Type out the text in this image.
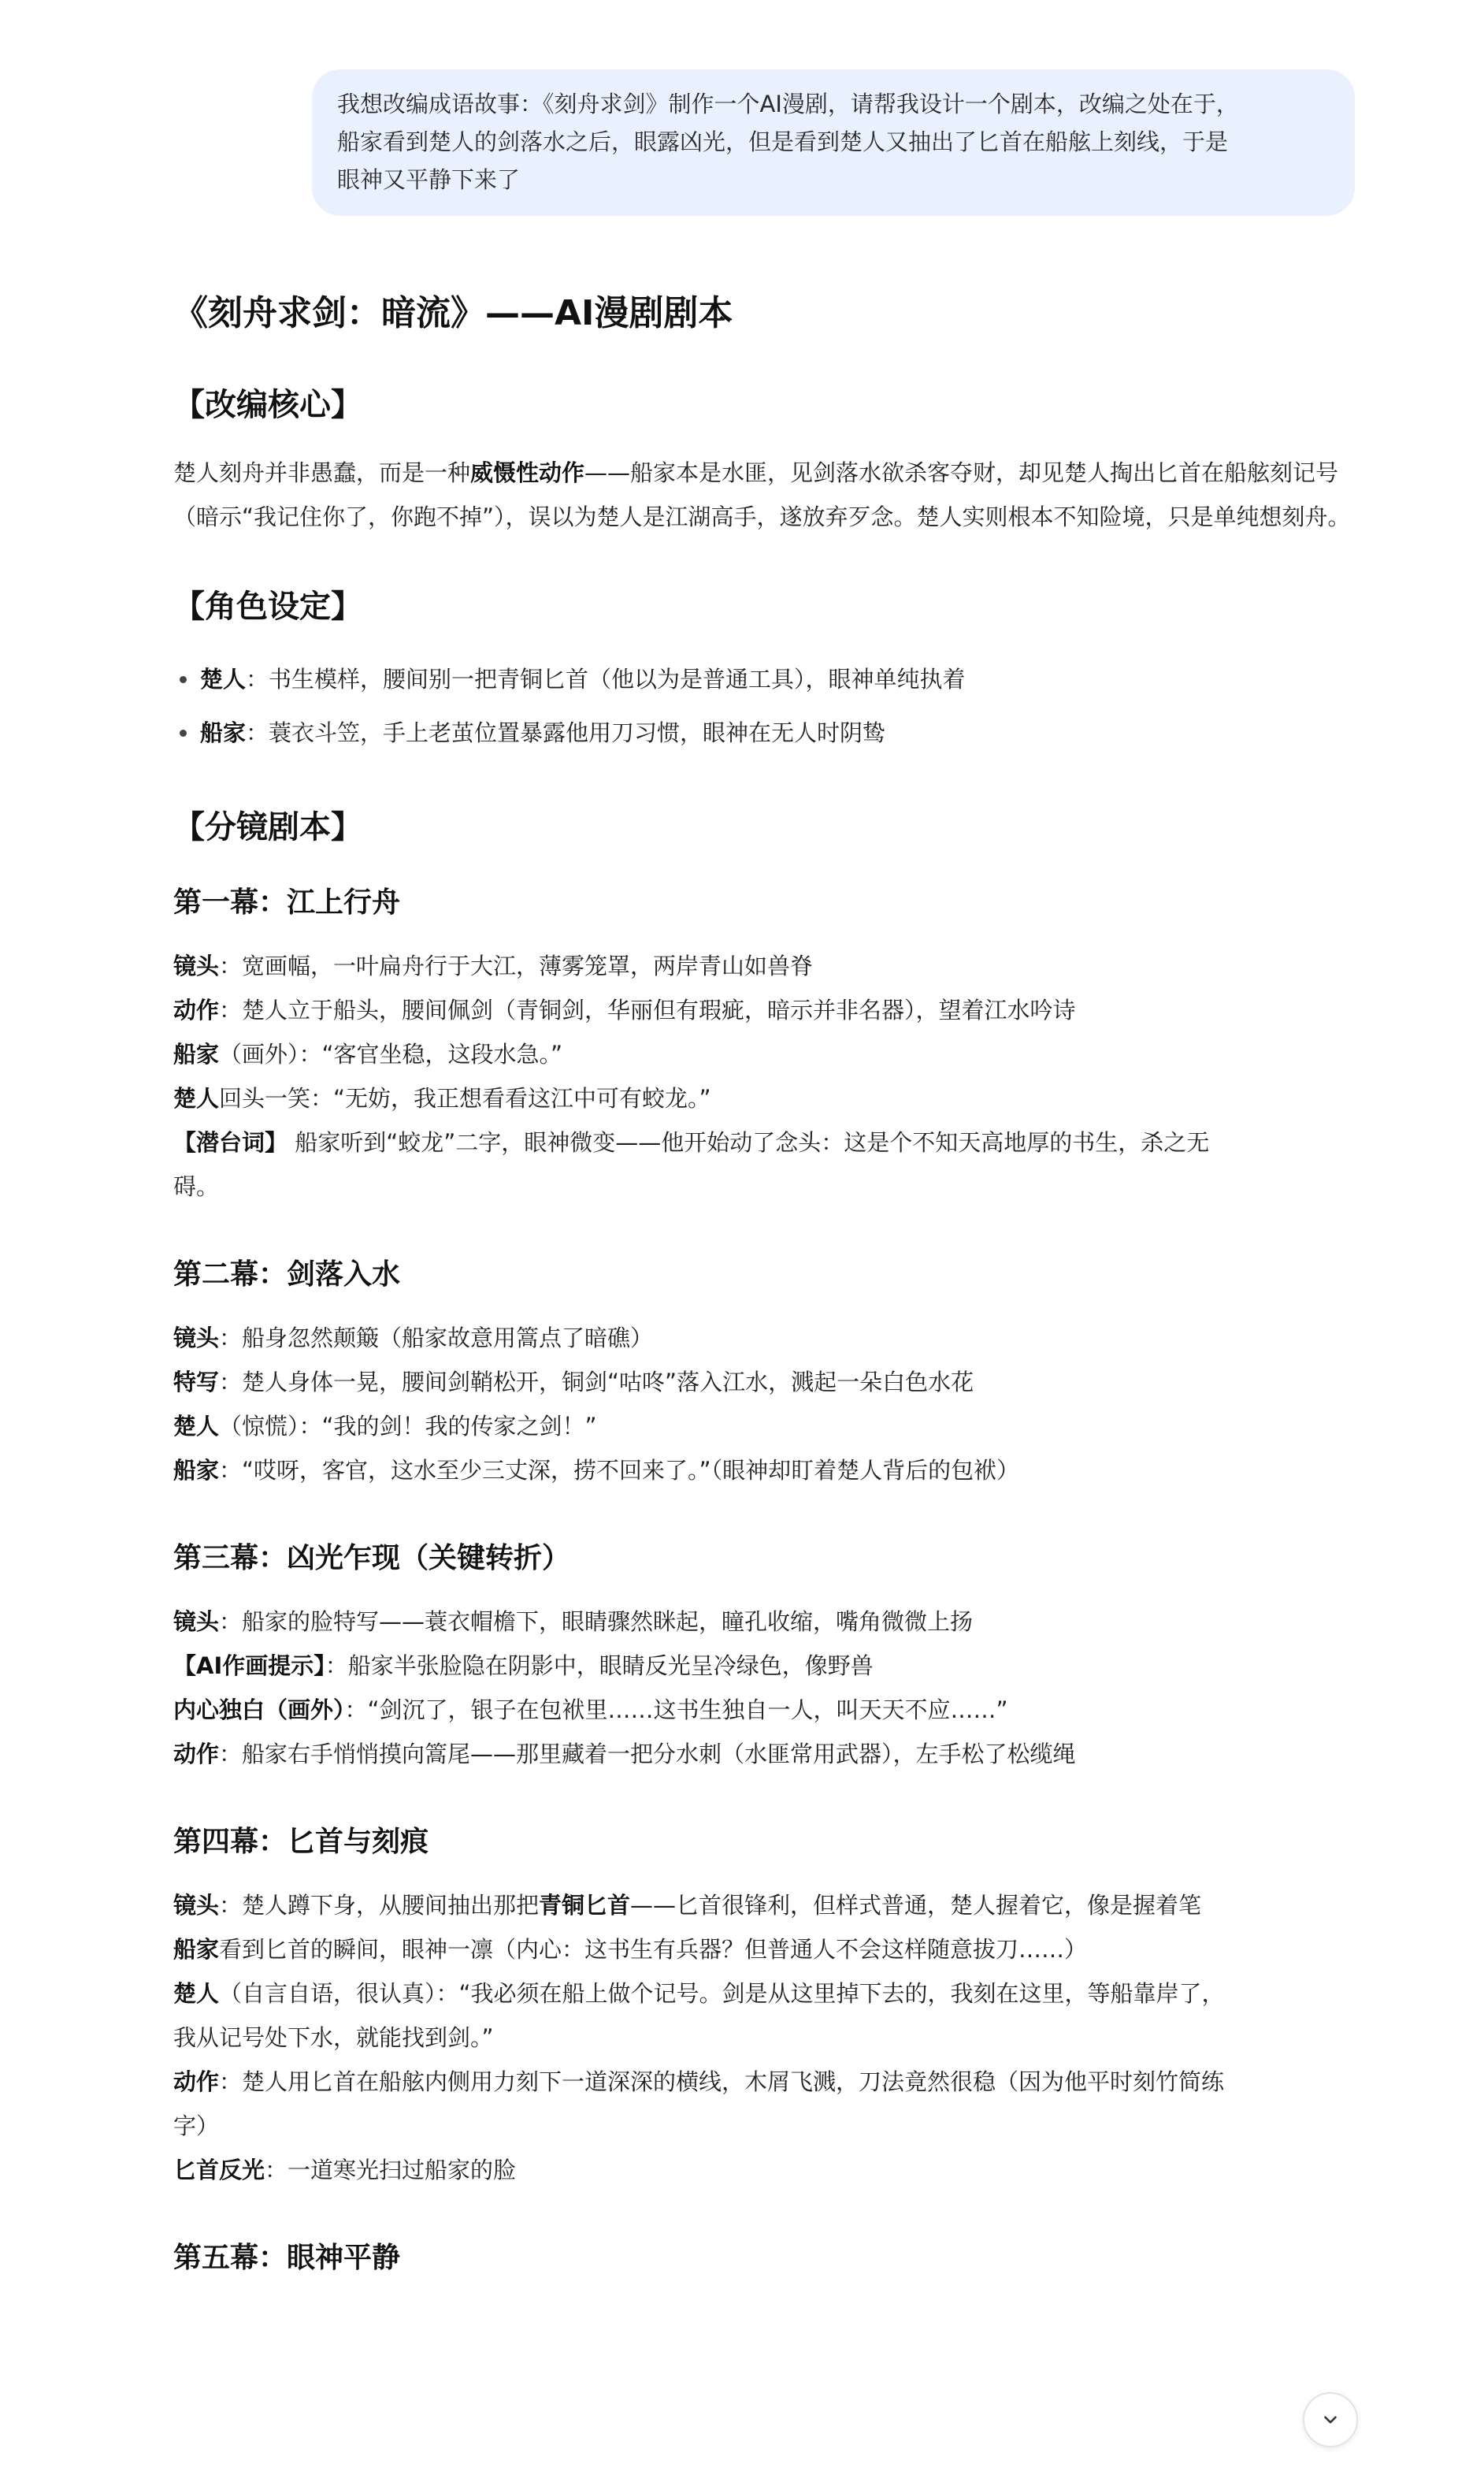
我想改编成语故事：《刻舟求剑》制作一个AI漫剧，请帮我设计一个剧本，改编之处在于，
船家看到楚人的剑落水之后，眼露凶光，但是看到楚人又抽出了匕首在船舷上刻线，于是
眼神又平静下来了
《刻舟求剑：暗流》——AI漫剧剧本
【改编核心】
楚人刻舟并非愚蠢，而是一种威慑性动作——船家本是水匪，见剑落水欲杀客夺财，却见楚人掏出匕首在船舷刻记号（暗示“我记住你了，你跑不掉”），误以为楚人是江湖高手，遂放弃歹念。楚人实则根本不知险境，只是单纯想刻舟。
【角色设定】
楚人：书生模样，腰间别一把青铜匕首（他以为是普通工具），眼神单纯执着
船家：蓑衣斗笠，手上老茧位置暴露他用刀习惯，眼神在无人时阴鸷
【分镜剧本】
第一幕：江上行舟
镜头：宽画幅，一叶扁舟行于大江，薄雾笼罩，两岸青山如兽脊
动作：楚人立于船头，腰间佩剑（青铜剑，华丽但有瑕疵，暗示并非名器），望着江水吟诗
船家（画外）：“客官坐稳，这段水急。”
楚人回头一笑：“无妨，我正想看看这江中可有蛟龙。”
【潜台词】 船家听到“蛟龙”二字，眼神微变——他开始动了念头：这是个不知天高地厚的书生，杀之无
碍。
第二幕：剑落入水
镜头：船身忽然颠簸（船家故意用篙点了暗礁）
特写：楚人身体一晃，腰间剑鞘松开，铜剑“咕咚”落入江水，溅起一朵白色水花
楚人（惊慌）：“我的剑！我的传家之剑！”
船家：“哎呀，客官，这水至少三丈深，捞不回来了。”（眼神却盯着楚人背后的包袱）
第三幕：凶光乍现（关键转折）
镜头：船家的脸特写——蓑衣帽檐下，眼睛骤然眯起，瞳孔收缩，嘴角微微上扬
【AI作画提示】：船家半张脸隐在阴影中，眼睛反光呈冷绿色，像野兽
内心独白（画外）：“剑沉了，银子在包袱里……这书生独自一人，叫天天不应……”
动作：船家右手悄悄摸向篙尾——那里藏着一把分水刺（水匪常用武器），左手松了松缆绳
第四幕：匕首与刻痕
镜头：楚人蹲下身，从腰间抽出那把青铜匕首——匕首很锋利，但样式普通，楚人握着它，像是握着笔
船家看到匕首的瞬间，眼神一凛（内心：这书生有兵器？但普通人不会这样随意拔刀……）
楚人（自言自语，很认真）：“我必须在船上做个记号。剑是从这里掉下去的，我刻在这里，等船靠岸了，
我从记号处下水，就能找到剑。”
动作：楚人用匕首在船舷内侧用力刻下一道深深的横线，木屑飞溅，刀法竟然很稳（因为他平时刻竹简练
字）
匕首反光：一道寒光扫过船家的脸
第五幕：眼神平静
